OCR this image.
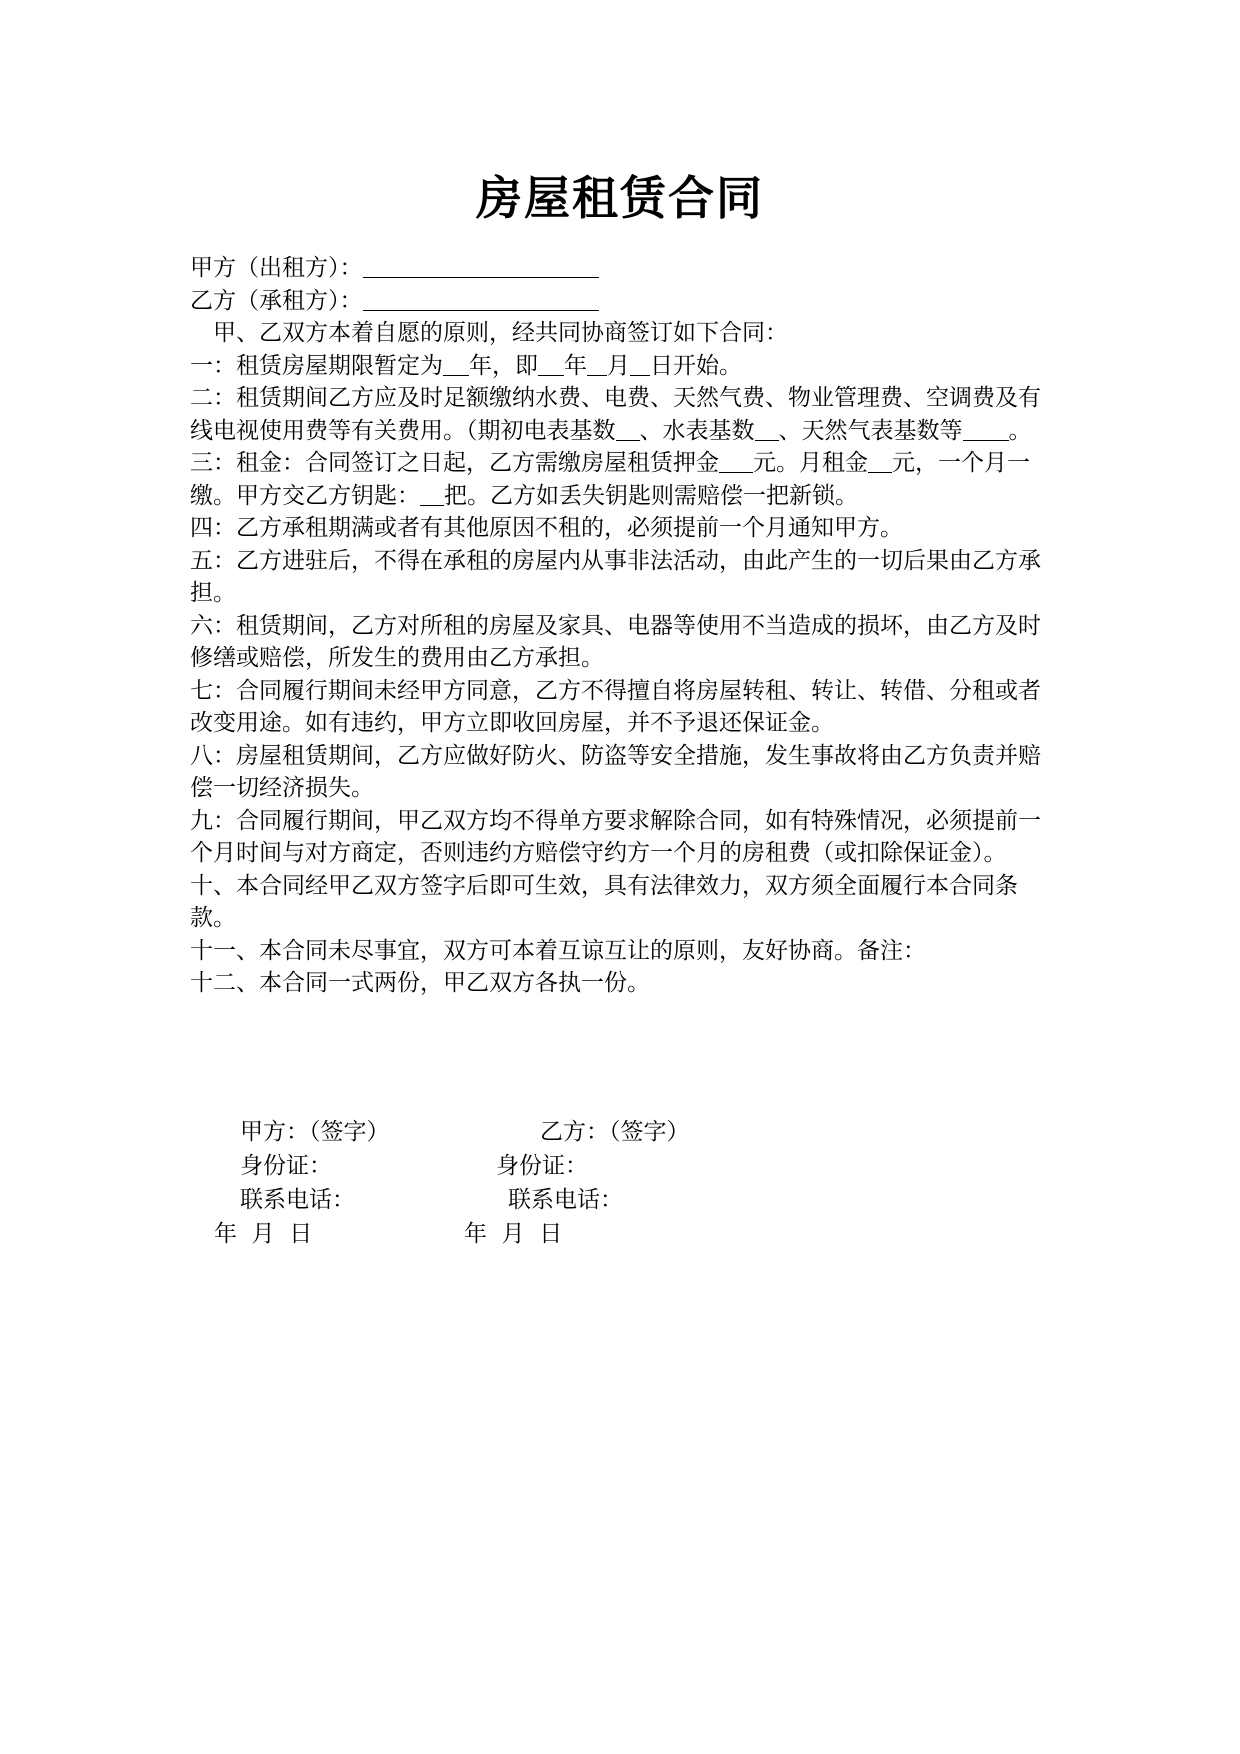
房屋租赁合同
甲方（出租方）：
乙方（承租方）：
甲、乙双方本着自愿的原则，经共同协商签订如下合同：
一：租赁房屋期限暂定为 年，即 年 月 日开始。
二：租赁期间乙方应及时足额缴纳水费、电费、天然气费、物业管理费、空调费及有线电视使用费等有关费用。（期初电表基数 、水表基数 、天然气表基数等 。
三：租金：合同签订之日起，乙方需缴房屋租赁押金 元。月租金 元，一个月一缴。甲方交乙方钥匙： 把。乙方如丢失钥匙则需赔偿一把新锁。
四：乙方承租期满或者有其他原因不租的，必须提前一个月通知甲方。
五：乙方进驻后，不得在承租的房屋内从事非法活动，由此产生的一切后果由乙方承担。
六：租赁期间，乙方对所租的房屋及家具、电器等使用不当造成的损坏，由乙方及时修缮或赔偿，所发生的费用由乙方承担。
七：合同履行期间未经甲方同意，乙方不得擅自将房屋转租、转让、转借、分租或者改变用途。如有违约，甲方立即收回房屋，并不予退还保证金。
八：房屋租赁期间，乙方应做好防火、防盗等安全措施，发生事故将由乙方负责并赔偿一切经济损失。
九：合同履行期间，甲乙双方均不得单方要求解除合同，如有特殊情况，必须提前一个月时间与对方商定，否则违约方赔偿守约方一个月的房租费（或扣除保证金）。
十、本合同经甲乙双方签字后即可生效，具有法律效力，双方须全面履行本合同条款。
十一、本合同未尽事宜，双方可本着互谅互让的原则，友好协商。备注：
十二、本合同一式两份，甲乙双方各执一份。
甲方：（签字）	乙方：（签字）
身份证：	身份证：
联系电话：	联系电话：
年  月  日	年  月  日
